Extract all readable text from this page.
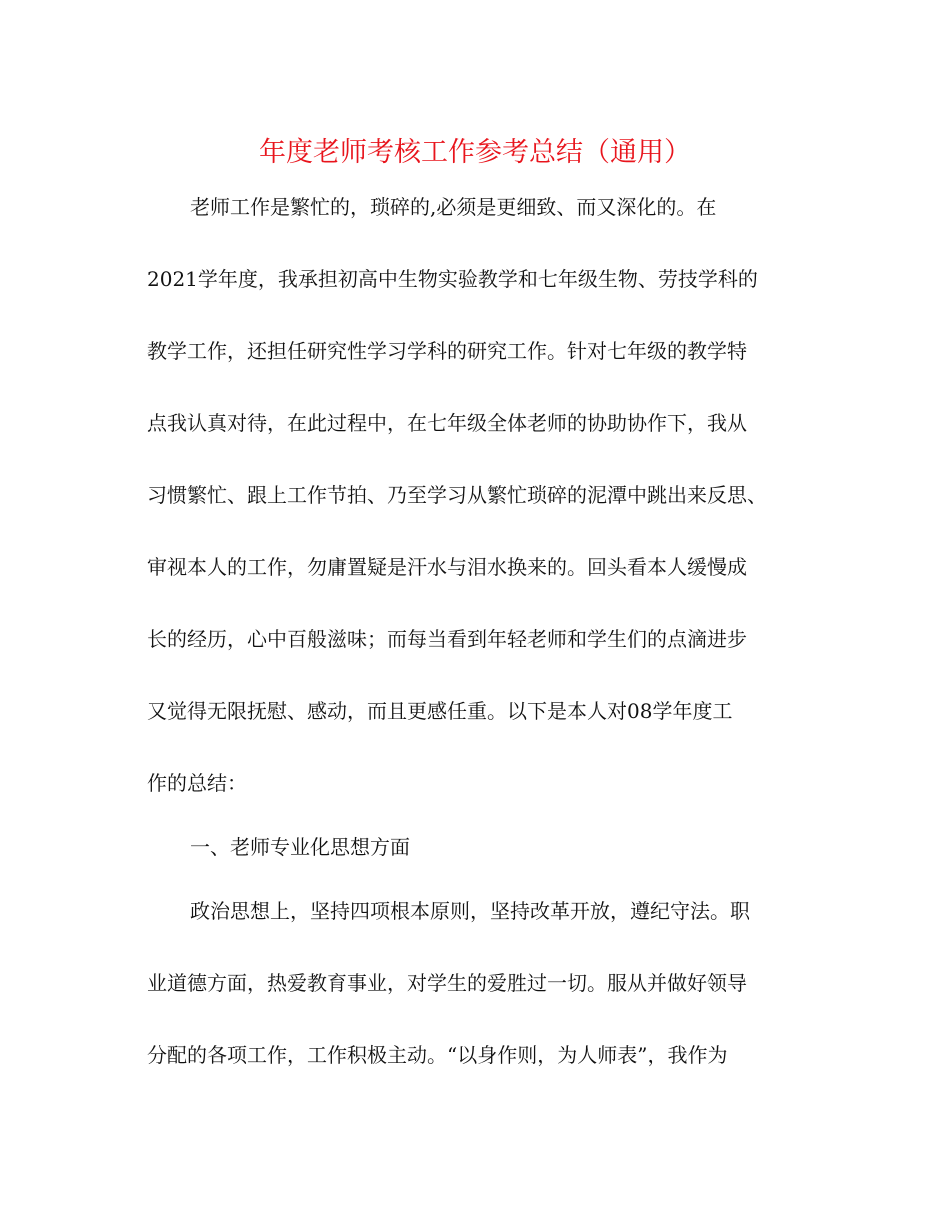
年度老师考核工作参考总结（通用）
老师工作是繁忙的，琐碎的,必须是更细致、而又深化的。在
2021学年度，我承担初高中生物实验教学和七年级生物、劳技学科的
教学工作，还担任研究性学习学科的研究工作。针对七年级的教学特
点我认真对待，在此过程中，在七年级全体老师的协助协作下，我从
习惯繁忙、跟上工作节拍、乃至学习从繁忙琐碎的泥潭中跳出来反思、
审视本人的工作，勿庸置疑是汗水与泪水换来的。回头看本人缓慢成
长的经历，心中百般滋味；而每当看到年轻老师和学生们的点滴进步
又觉得无限抚慰、感动，而且更感任重。以下是本人对08学年度工
作的总结：
一、老师专业化思想方面
政治思想上，坚持四项根本原则，坚持改革开放，遵纪守法。职
业道德方面，热爱教育事业，对学生的爱胜过一切。服从并做好领导
分配的各项工作，工作积极主动。“以身作则，为人师表”，我作为
